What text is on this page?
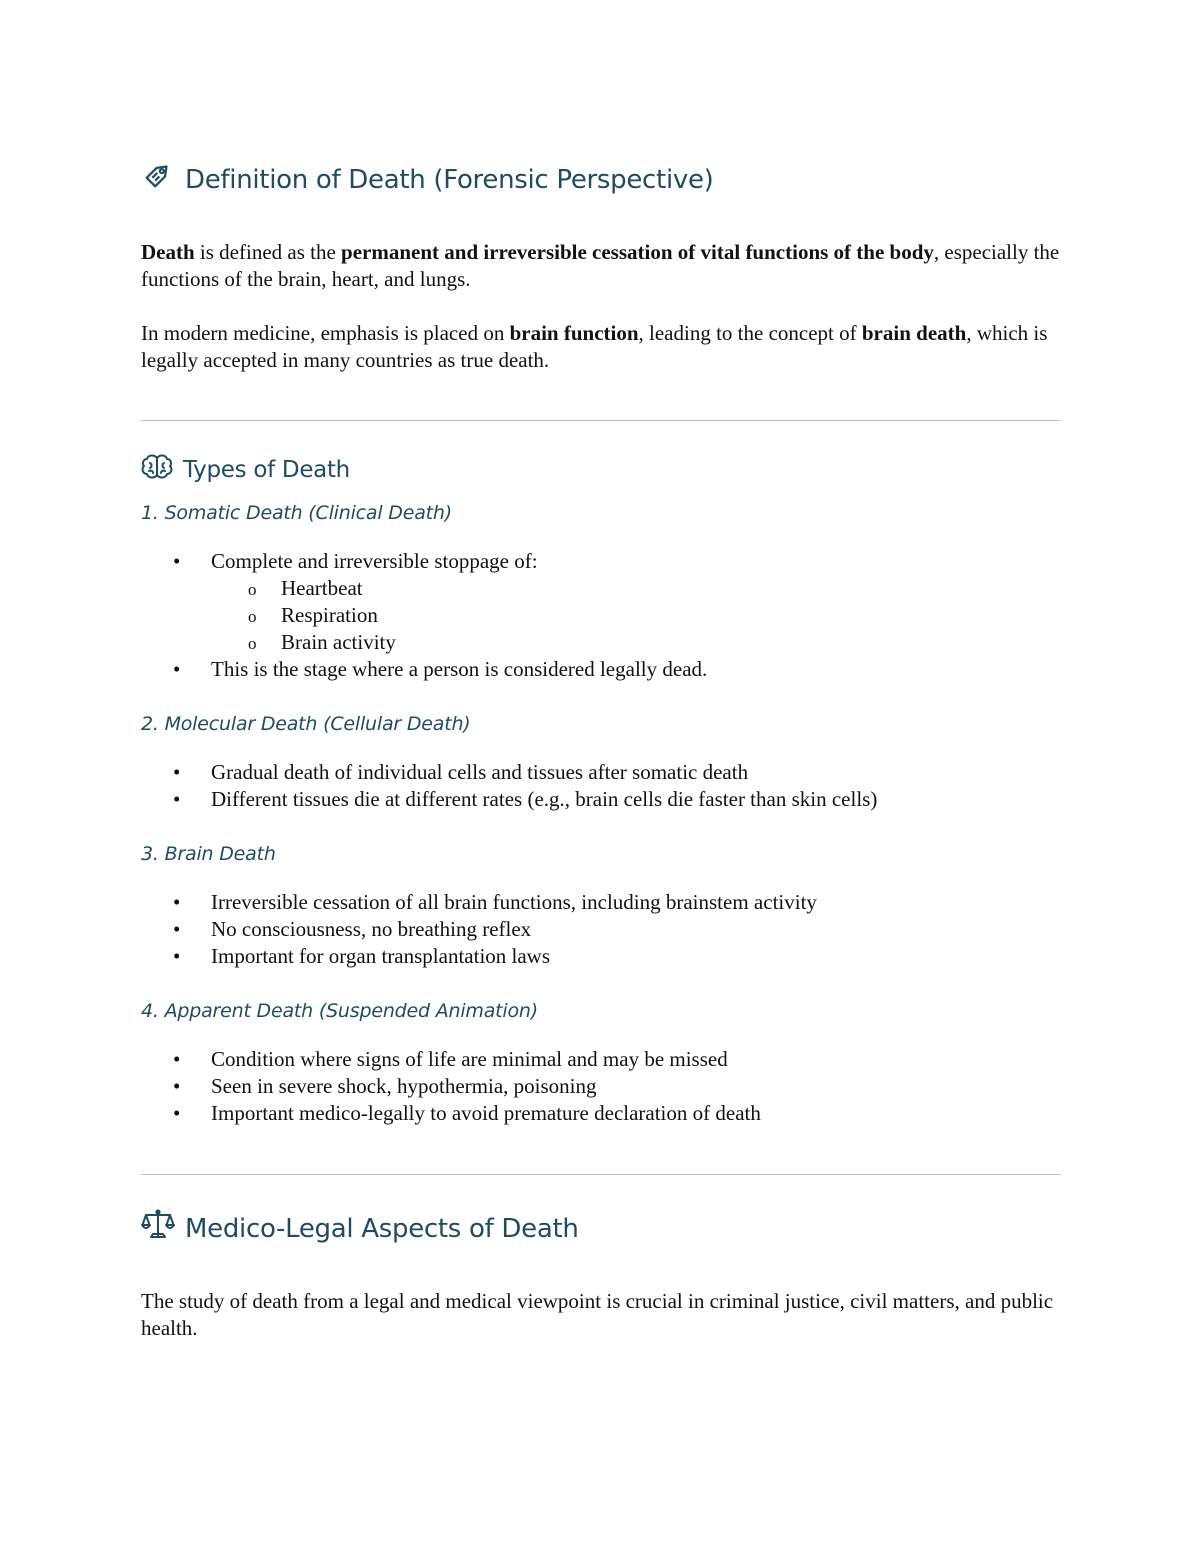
Definition of Death (Forensic Perspective)

Death is defined as the permanent and irreversible cessation of vital functions of the body, especially the functions of the brain, heart, and lungs.

In modern medicine, emphasis is placed on brain function, leading to the concept of brain death, which is legally accepted in many countries as true death.

Types of Death
1. Somatic Death (Clinical Death)
• Complete and irreversible stoppage of:
o Heartbeat
o Respiration
o Brain activity
• This is the stage where a person is considered legally dead.
2. Molecular Death (Cellular Death)
• Gradual death of individual cells and tissues after somatic death
• Different tissues die at different rates (e.g., brain cells die faster than skin cells)
3. Brain Death
• Irreversible cessation of all brain functions, including brainstem activity
• No consciousness, no breathing reflex
• Important for organ transplantation laws
4. Apparent Death (Suspended Animation)
• Condition where signs of life are minimal and may be missed
• Seen in severe shock, hypothermia, poisoning
• Important medico-legally to avoid premature declaration of death
Medico-Legal Aspects of Death

The study of death from a legal and medical viewpoint is crucial in criminal justice, civil matters, and public health.
